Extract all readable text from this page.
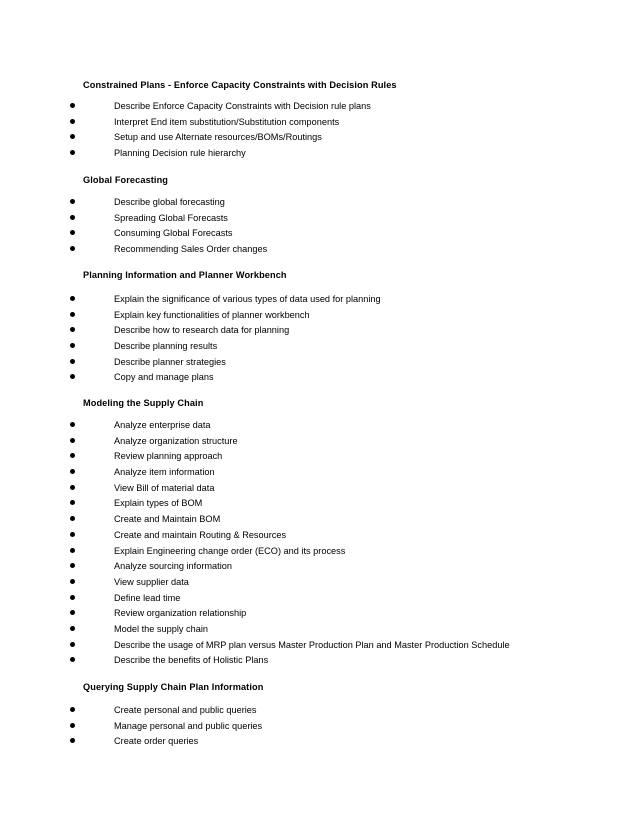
Constrained Plans - Enforce Capacity Constraints with Decision Rules
Describe Enforce Capacity Constraints with Decision rule plans
Interpret End item substitution/Substitution components
Setup and use Alternate resources/BOMs/Routings
Planning Decision rule hierarchy
Global Forecasting
Describe global forecasting
Spreading Global Forecasts
Consuming Global Forecasts
Recommending Sales Order changes
Planning Information and Planner Workbench
Explain the significance of various types of data used for planning
Explain key functionalities of planner workbench
Describe how to research data for planning
Describe planning results
Describe planner strategies
Copy and manage plans
Modeling the Supply Chain
Analyze enterprise data
Analyze organization structure
Review planning approach
Analyze item information
View Bill of material data
Explain types of BOM
Create and Maintain BOM
Create and maintain Routing & Resources
Explain Engineering change order (ECO) and its process
Analyze sourcing information
View supplier data
Define lead time
Review organization relationship
Model the supply chain
Describe the usage of MRP plan versus Master Production Plan and Master Production Schedule
Describe the benefits of Holistic Plans
Querying Supply Chain Plan Information
Create personal and public queries
Manage personal and public queries
Create order queries
